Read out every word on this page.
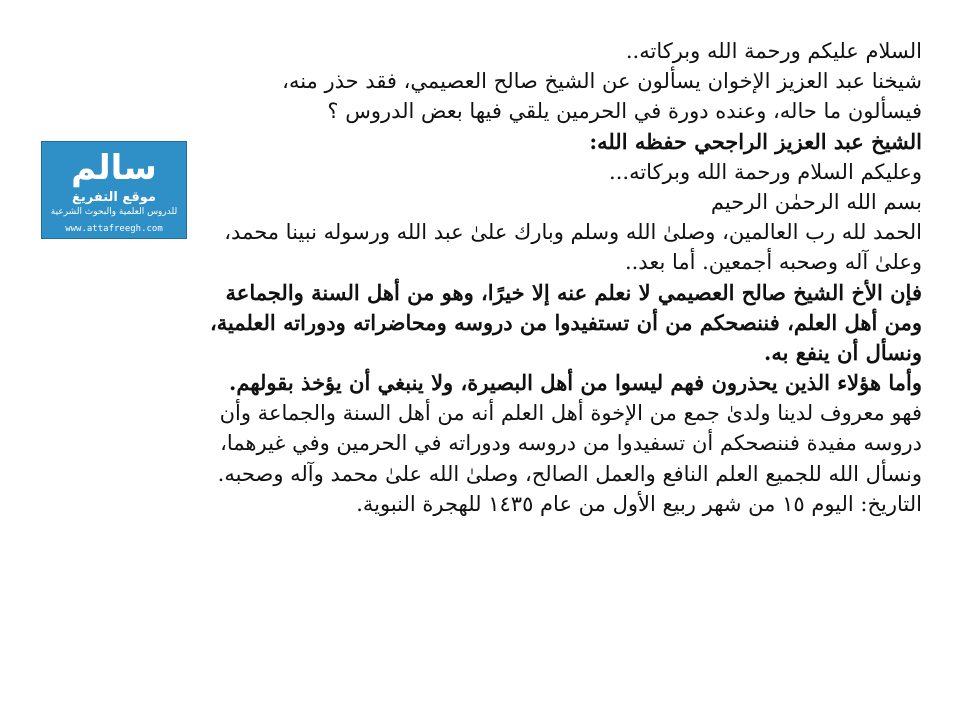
سالم
موقع التفريغ
للدروس العلمية والبحوث الشرعية
www.attafreegh.com
السلام عليكم ورحمة الله وبركاته..
شيخنا عبد العزيز الإخوان يسألون عن الشيخ صالح العصيمي، فقد حذر منه،
فيسألون ما حاله، وعنده دورة في الحرمين يلقي فيها بعض الدروس ؟
الشيخ عبد العزيز الراجحي حفظه الله:
وعليكم السلام ورحمة الله وبركاته...
بسم الله الرحمٰن الرحيم
الحمد لله رب العالمين، وصلىٰ الله وسلم وبارك علىٰ عبد الله ورسوله نبينا محمد،
وعلىٰ آله وصحبه أجمعين. أما بعد..
فإن الأخ الشيخ صالح العصيمي لا نعلم عنه إلا خيرًا، وهو من أهل السنة والجماعة
ومن أهل العلم، فننصحكم من أن تستفيدوا من دروسه ومحاضراته ودوراته العلمية،
ونسأل أن ينفع به.
وأما هؤلاء الذين يحذرون فهم ليسوا من أهل البصيرة، ولا ينبغي أن يؤخذ بقولهم.
فهو معروف لدينا ولدىٰ جمع من الإخوة أهل العلم أنه من أهل السنة والجماعة وأن
دروسه مفيدة فننصحكم أن تسفيدوا من دروسه ودوراته في الحرمين وفي غيرهما،
ونسأل الله للجميع العلم النافع والعمل الصالح، وصلىٰ الله علىٰ محمد وآله وصحبه.
التاريخ: اليوم ١٥ من شهر ربيع الأول من عام ١٤٣٥ للهجرة النبوية.
